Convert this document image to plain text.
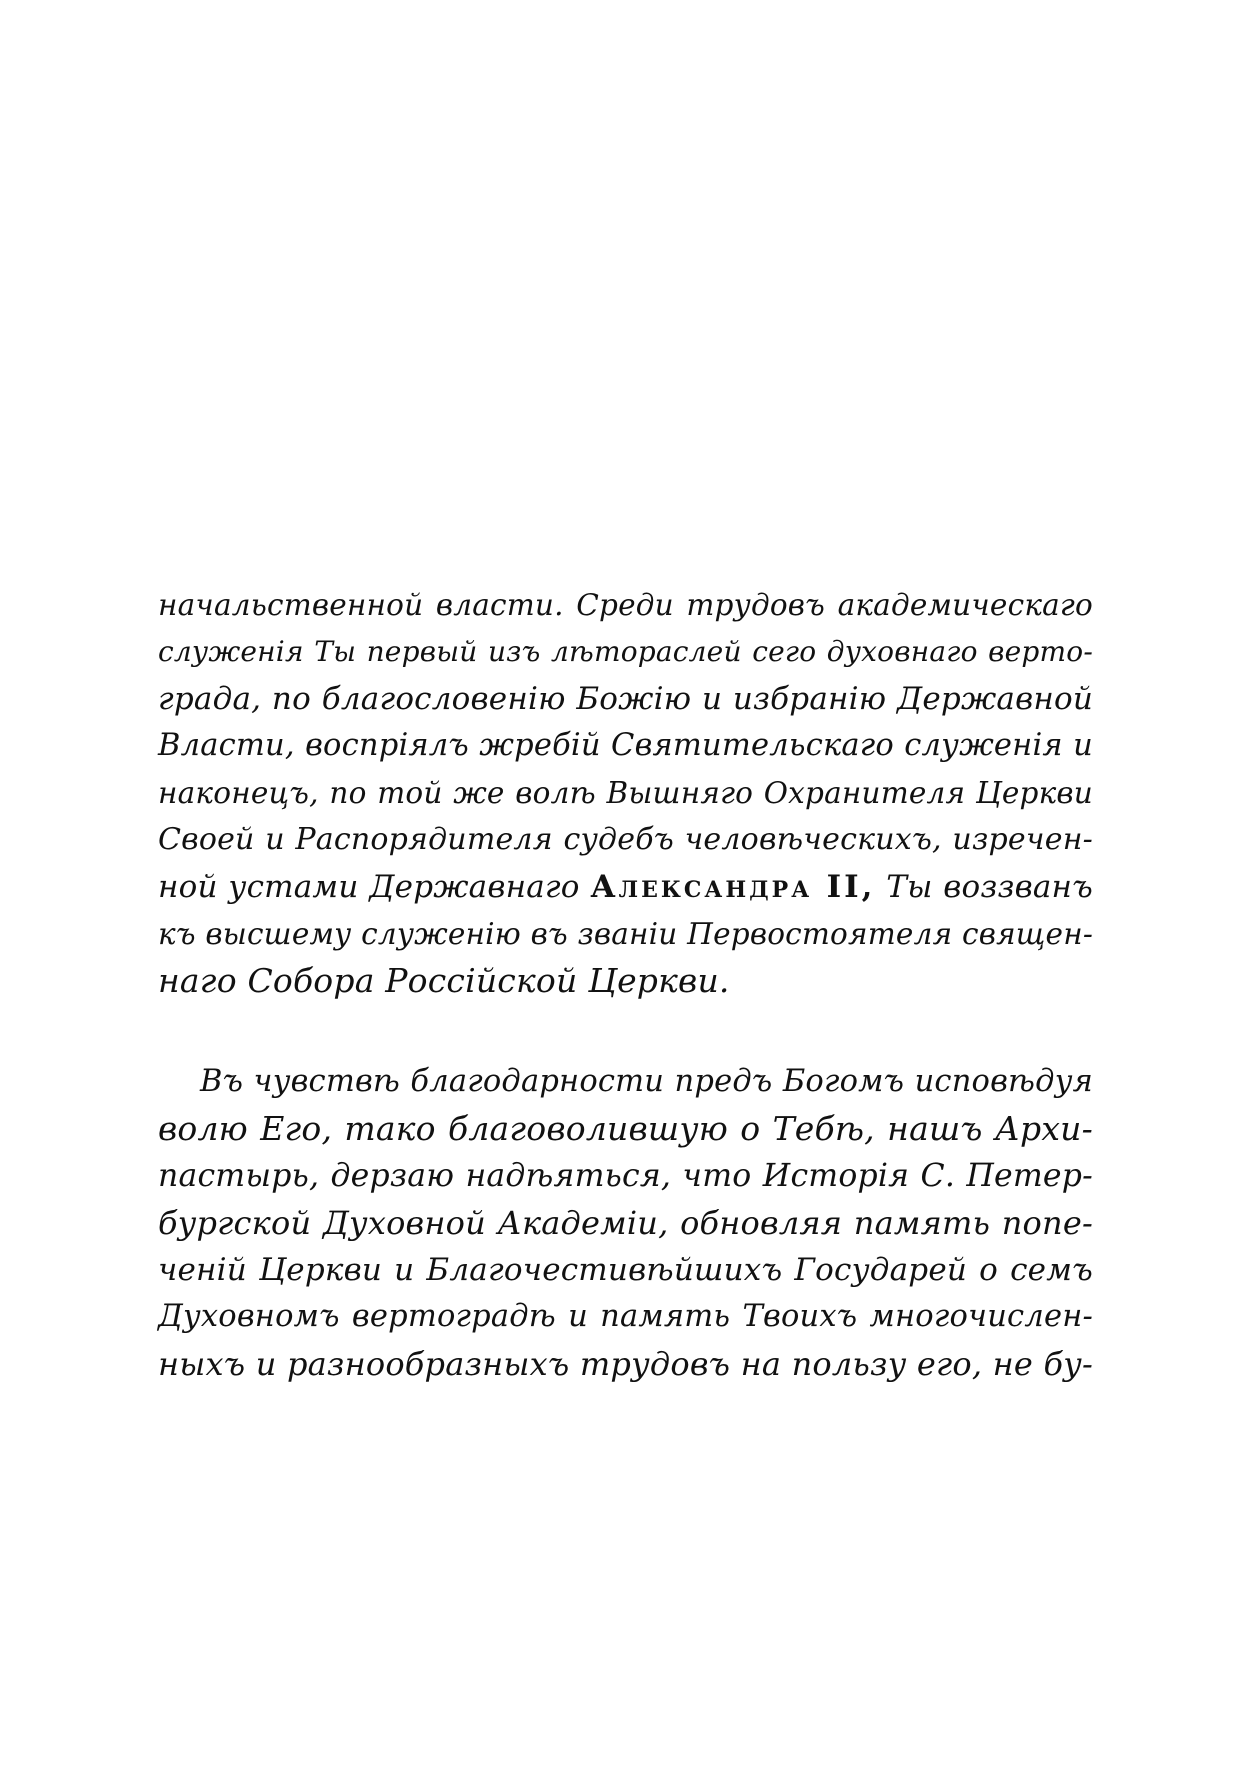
начальственной власти. Среди трудовъ академическаго
служенія Ты первый изъ лѣтораслей сего духовнаго верто-
града, по благословенію Божію и избранію Державной
Власти, воспріялъ жребій Святительскаго служенія и
наконецъ, по той же волѣ Вышняго Охранителя Церкви
Своей и Распорядителя судебъ человѣческихъ, изречен-
ной устами Державнаго Александра II, Ты воззванъ
къ высшему служенію въ званіи Первостоятеля священ-
наго Собора Россійской Церкви.
Въ чувствѣ благодарности предъ Богомъ исповѣдуя
волю Его, тако благоволившую о Тебѣ, нашъ Архи-
пастырь, дерзаю надѣяться, что Исторія С. Петер-
бургской Духовной Академіи, обновляя память попе-
ченій Церкви и Благочестивѣйшихъ Государей о семъ
Духовномъ вертоградѣ и память Твоихъ многочислен-
ныхъ и разнообразныхъ трудовъ на пользу его, не бу-
